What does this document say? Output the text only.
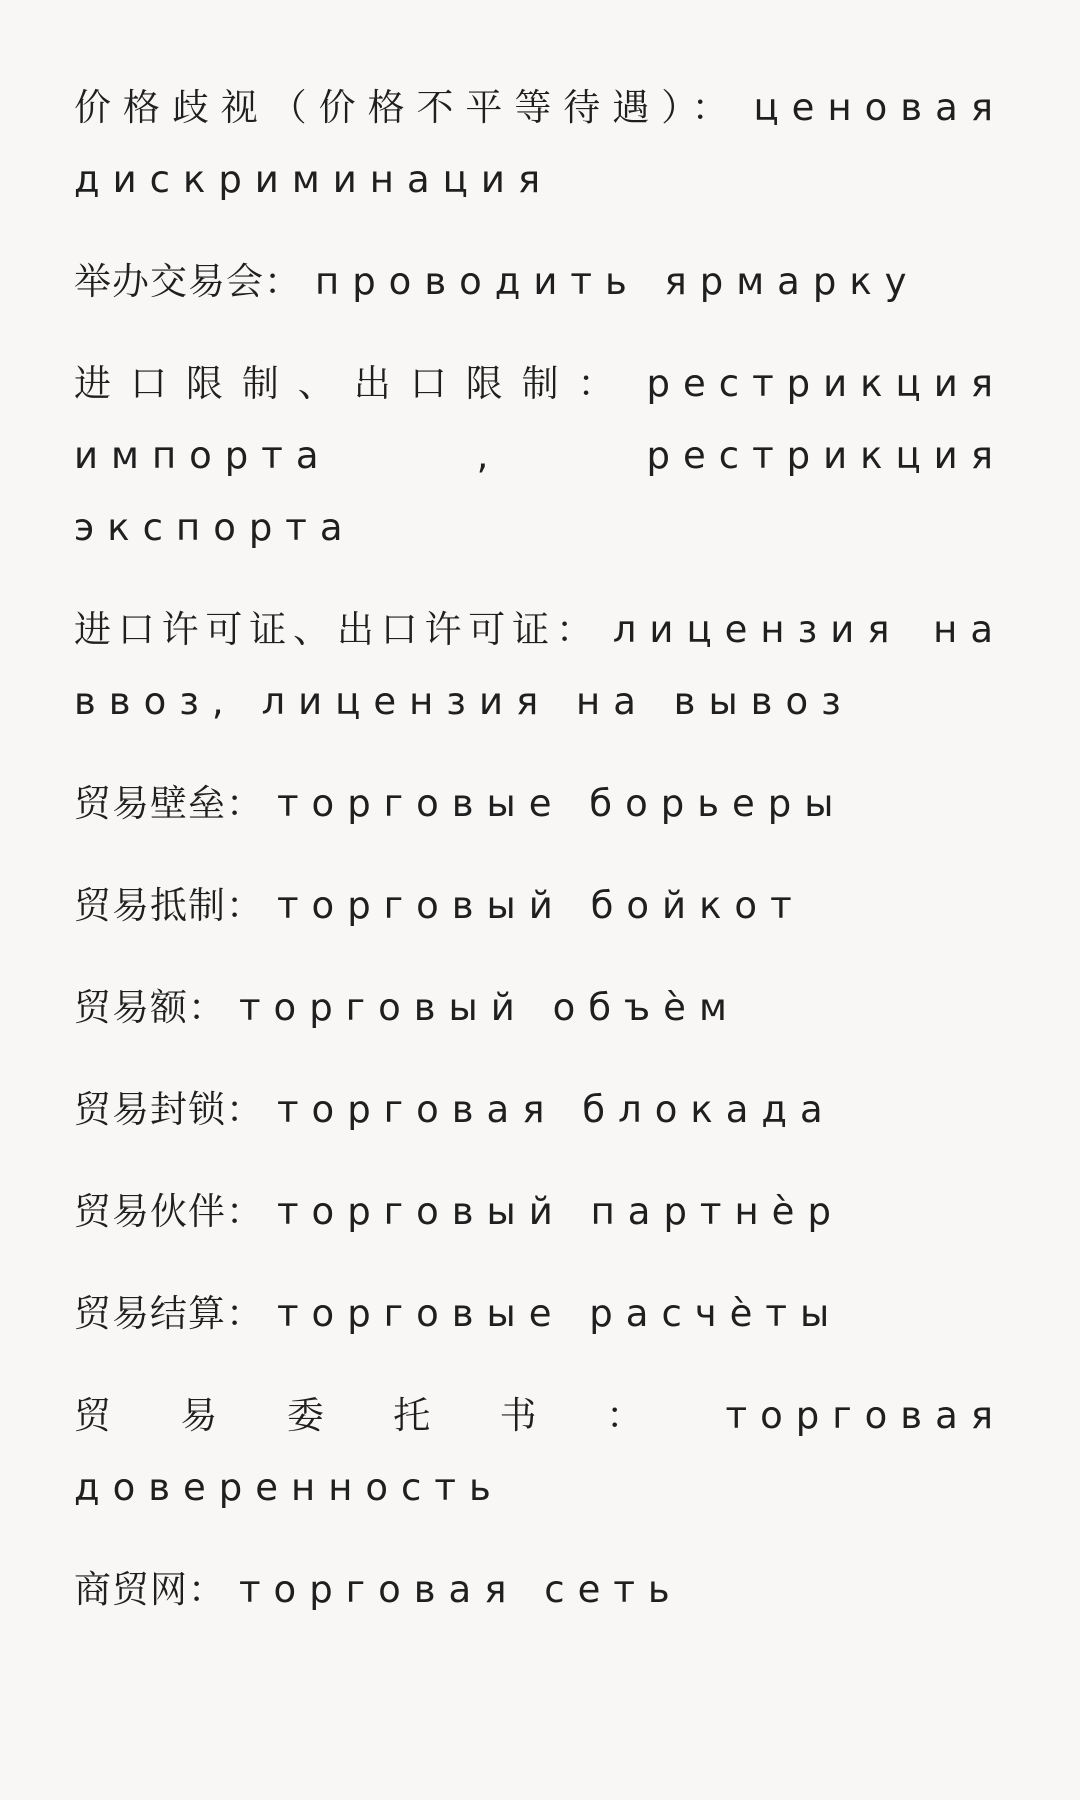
价格歧视（价格不平等待遇）： ценовая дискриминация
举办交易会： проводить ярмарку
进口限制、出口限制： рестрикция импорта , рестрикция экспорта
进口许可证、出口许可证： лицензия на ввоз, лицензия на вывоз
贸易壁垒： торговые борьеры
贸易抵制： торговый бойкот
贸易额： торговый объѐм
贸易封锁： торговая блокада
贸易伙伴： торговый партнѐр
贸易结算： торговые расчѐты
贸易委托书： торговая доверенность
商贸网： торговая сеть
